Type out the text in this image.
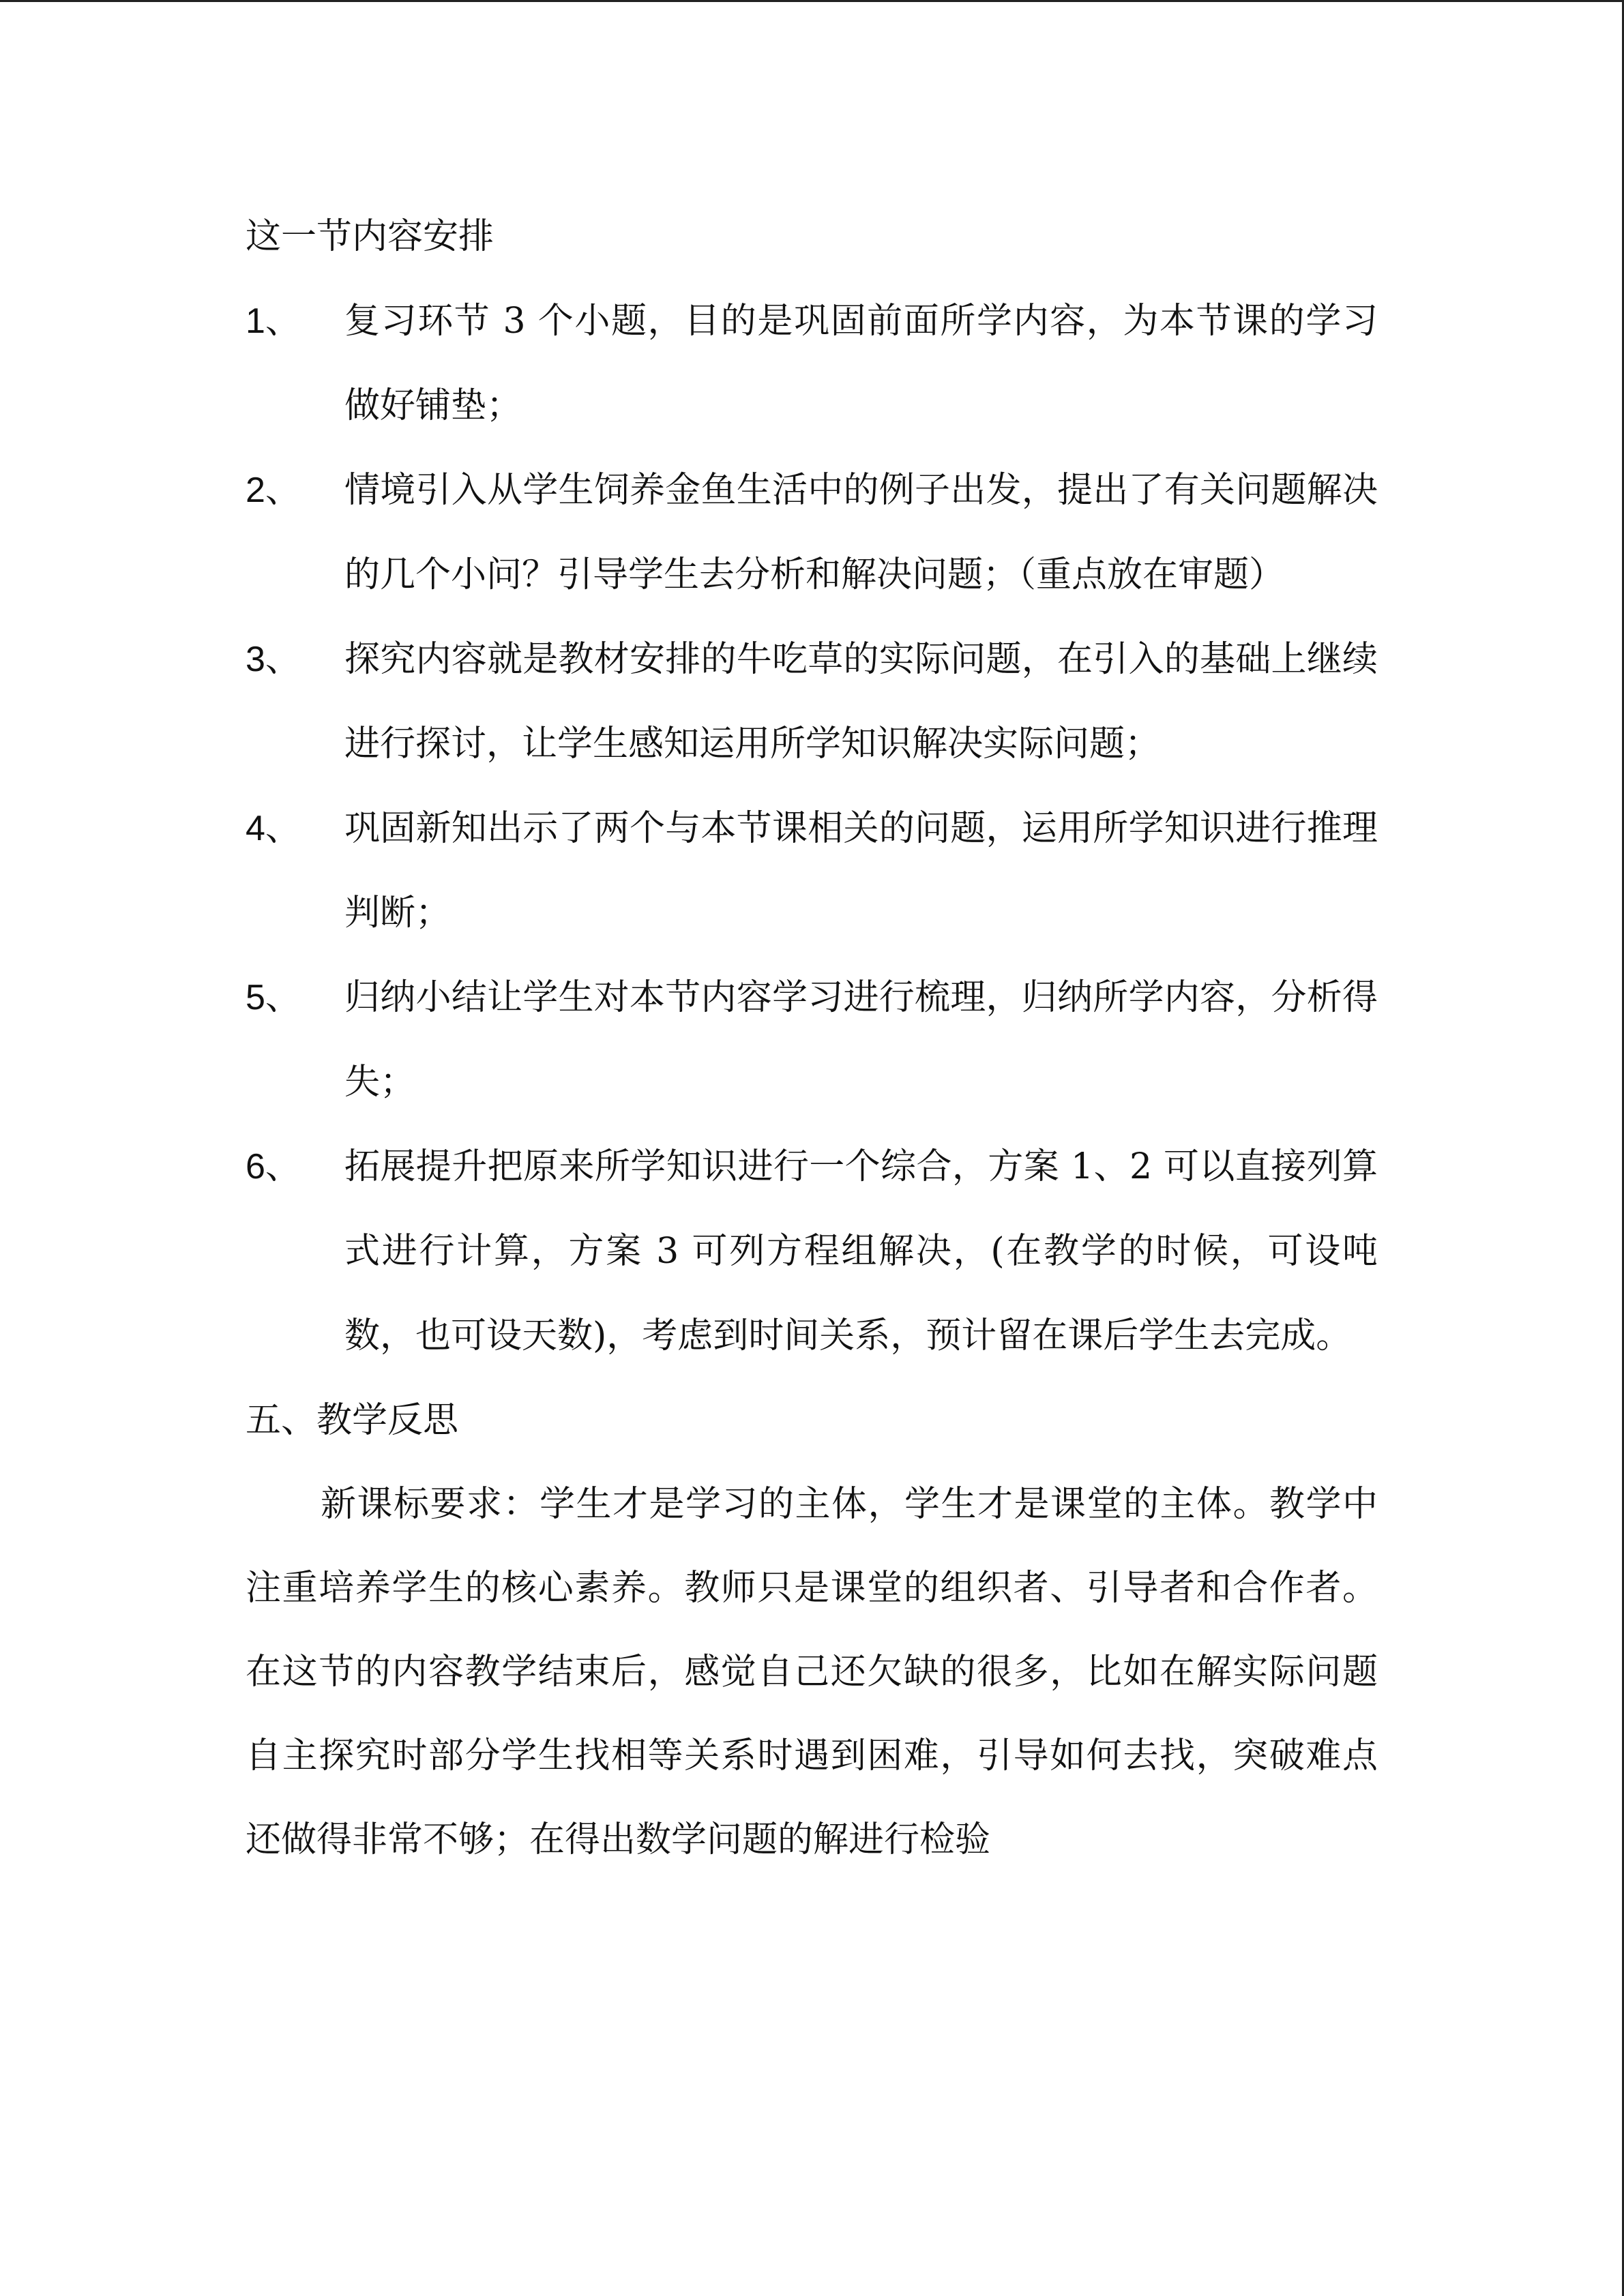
这一节内容安排

1、 复习环节 3 个小题，目的是巩固前面所学内容，为本节课的学习做好铺垫；
2、 情境引入从学生饲养金鱼生活中的例子出发，提出了有关问题解决的几个小问？引导学生去分析和解决问题；（重点放在审题）
3、 探究内容就是教材安排的牛吃草的实际问题，在引入的基础上继续进行探讨，让学生感知运用所学知识解决实际问题；
4、 巩固新知出示了两个与本节课相关的问题，运用所学知识进行推理判断；
5、 归纳小结让学生对本节内容学习进行梳理，归纳所学内容，分析得失；
6、 拓展提升把原来所学知识进行一个综合，方案 1、2 可以直接列算式进行计算，方案 3 可列方程组解决，(在教学的时候，可设吨数，也可设天数)，考虑到时间关系，预计留在课后学生去完成。

五、教学反思

新课标要求：学生才是学习的主体，学生才是课堂的主体。教学中注重培养学生的核心素养。教师只是课堂的组织者、引导者和合作者。 在这节的内容教学结束后，感觉自己还欠缺的很多，比如在解实际问题自主探究时部分学生找相等关系时遇到困难，引导如何去找，突破难点还做得非常不够；在得出数学问题的解进行检验
